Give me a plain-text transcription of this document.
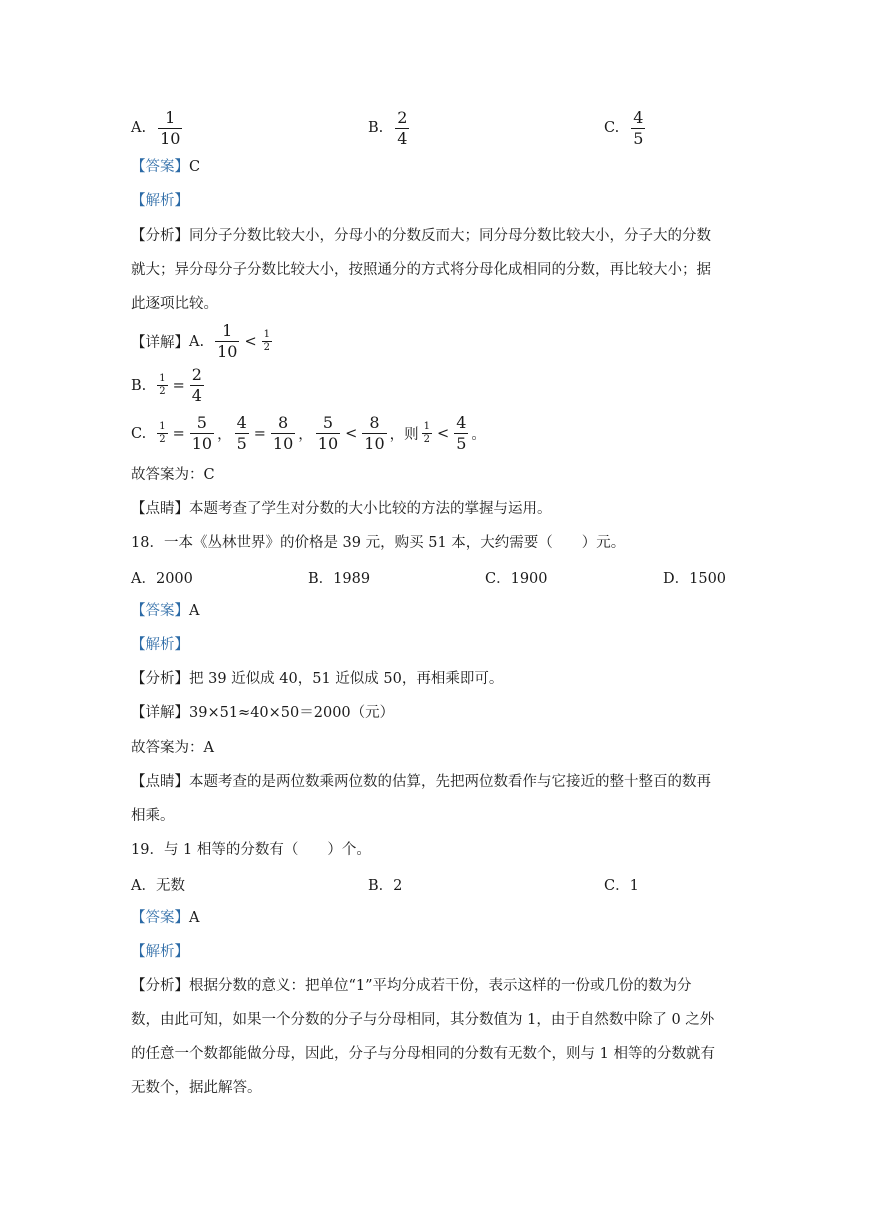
A. $\frac{1}{10}$	B. $\frac{2}{4}$	C. $\frac{4}{5}$
【答案】C
【解析】
【分析】同分子分数比较大小，分母小的分数反而大；同分母分数比较大小，分子大的分数
就大；异分母分子分数比较大小，按照通分的方式将分母化成相同的分数，再比较大小；据
此逐项比较。
【详解】 A. $\frac{1}{10} < \frac{1}{2}$
B. $\frac{1}{2} = \frac{2}{4}$
C. $\frac{1}{2} = \frac{5}{10}$ ， $\frac{4}{5} = \frac{8}{10}$ ， $\frac{5}{10} < \frac{8}{10}$ ，则 $\frac{1}{2} < \frac{4}{5}$ 。
故答案为：C
【点睛】本题考查了学生对分数的大小比较的方法的掌握与运用。
18．一本《丛林世界》的价格是 39 元，购买 51 本，大约需要（　　）元。
A．2000	B．1989	C．1900	D．1500
【答案】A
【解析】
【分析】把 39 近似成 40，51 近似成 50，再相乘即可。
【详解】39×51≈40×50＝2000（元）
故答案为：A
【点睛】本题考查的是两位数乘两位数的估算，先把两位数看作与它接近的整十整百的数再
相乘。
19．与 1 相等的分数有（　　）个。
A．无数	B．2	C．1
【答案】A
【解析】
【分析】根据分数的意义：把单位“1”平均分成若干份，表示这样的一份或几份的数为分
数，由此可知，如果一个分数的分子与分母相同，其分数值为 1，由于自然数中除了 0 之外
的任意一个数都能做分母，因此，分子与分母相同的分数有无数个，则与 1 相等的分数就有
无数个，据此解答。
